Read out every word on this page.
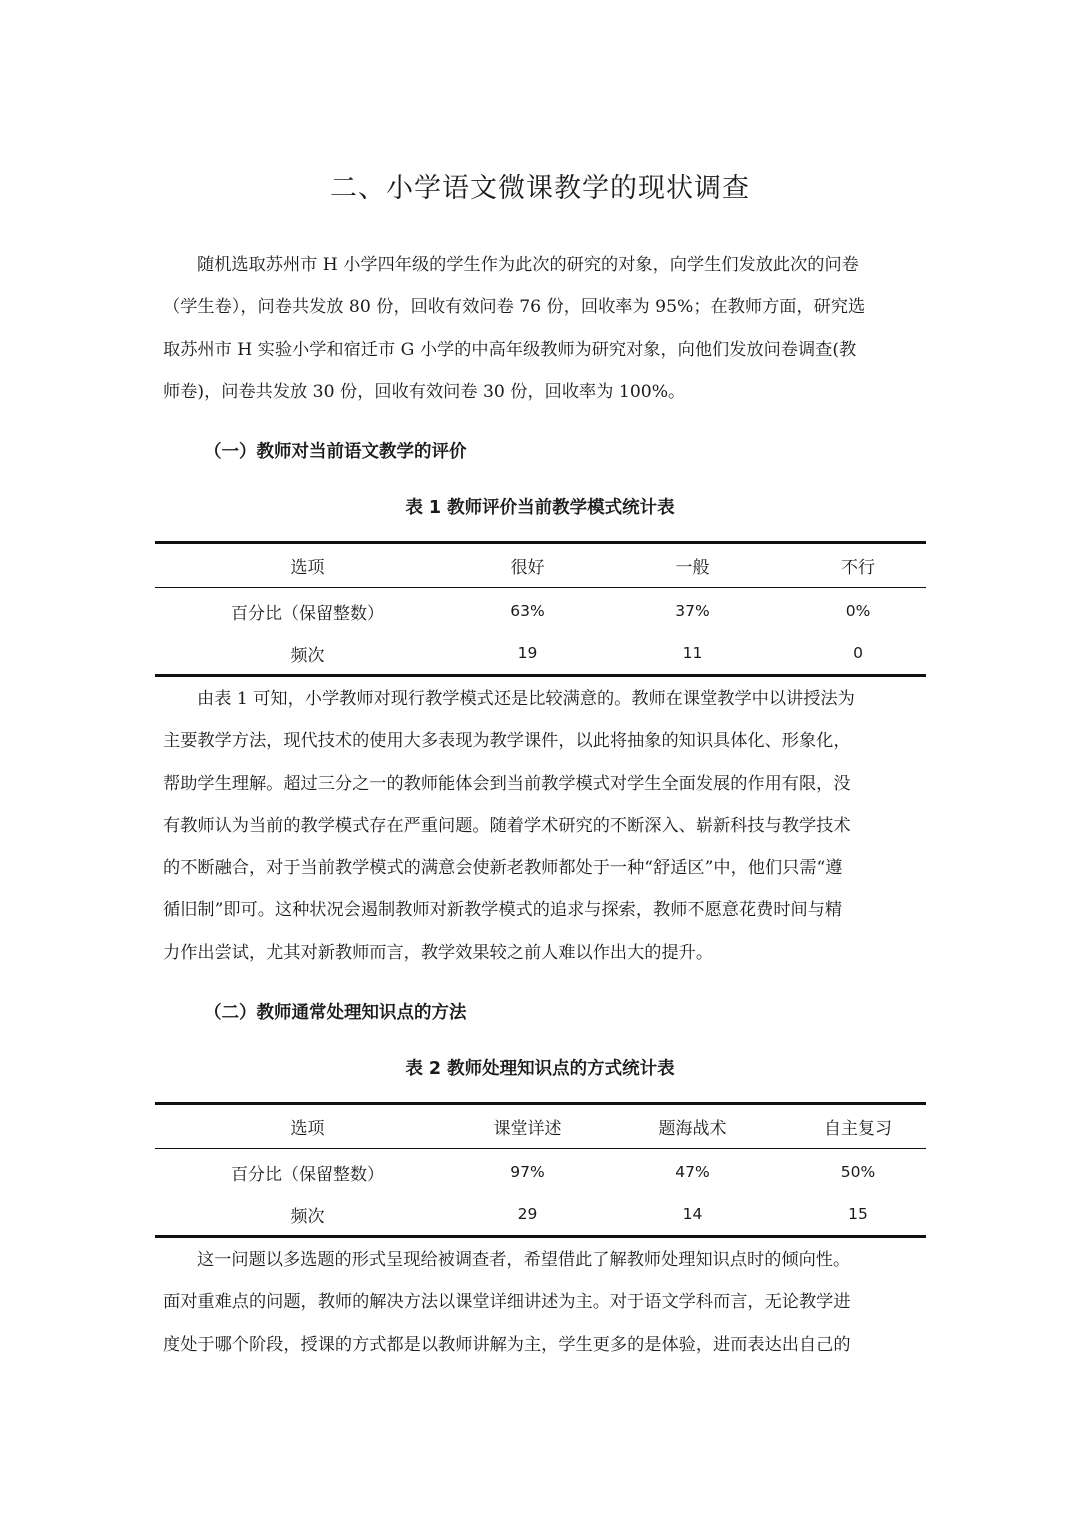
二、小学语文微课教学的现状调查

随机选取苏州市 H 小学四年级的学生作为此次的研究的对象，向学生们发放此次的问卷
（学生卷），问卷共发放 80 份，回收有效问卷 76 份，回收率为 95%；在教师方面，研究选
取苏州市 H 实验小学和宿迁市 G 小学的中高年级教师为研究对象，向他们发放问卷调查(教
师卷)，问卷共发放 30 份，回收有效问卷 30 份，回收率为 100%。

（一）教师对当前语文教学的评价
表 1 教师评价当前教学模式统计表
选项	很好	一般	不行
百分比（保留整数）	63%	37%	0%
频次	19	11	0

由表 1 可知，小学教师对现行教学模式还是比较满意的。教师在课堂教学中以讲授法为
主要教学方法，现代技术的使用大多表现为教学课件，以此将抽象的知识具体化、形象化，
帮助学生理解。超过三分之一的教师能体会到当前教学模式对学生全面发展的作用有限，没
有教师认为当前的教学模式存在严重问题。随着学术研究的不断深入、崭新科技与教学技术
的不断融合，对于当前教学模式的满意会使新老教师都处于一种“舒适区”中，他们只需“遵
循旧制”即可。这种状况会遏制教师对新教学模式的追求与探索，教师不愿意花费时间与精
力作出尝试，尤其对新教师而言，教学效果较之前人难以作出大的提升。

（二）教师通常处理知识点的方法
表 2 教师处理知识点的方式统计表
选项	课堂详述	题海战术	自主复习
百分比（保留整数）	97%	47%	50%
频次	29	14	15

这一问题以多选题的形式呈现给被调查者，希望借此了解教师处理知识点时的倾向性。
面对重难点的问题，教师的解决方法以课堂详细讲述为主。对于语文学科而言，无论教学进
度处于哪个阶段，授课的方式都是以教师讲解为主，学生更多的是体验，进而表达出自己的
